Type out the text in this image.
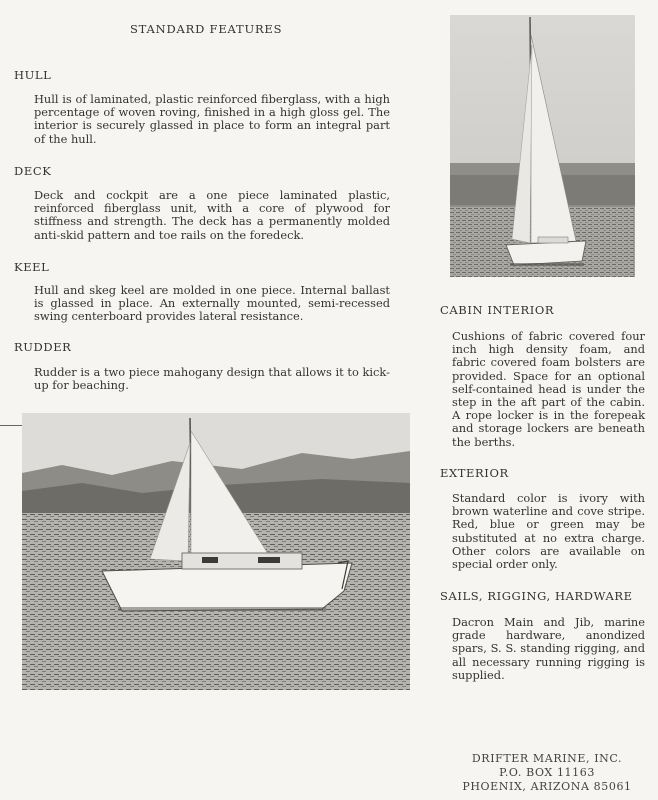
STANDARD FEATURES

HULL

Hull is of laminated, plastic reinforced fiberglass, with a high percentage of woven roving, finished in a high gloss gel. The interior is securely glassed in place to form an integral part of the hull.

DECK

Deck and cockpit are a one piece laminated plastic, reinforced fiberglass unit, with a core of plywood for stiffness and strength. The deck has a permanently molded anti-skid pattern and toe rails on the foredeck.

KEEL

Hull and skeg keel are molded in one piece. Internal ballast is glassed in place. An externally mounted, semi-recessed swing centerboard provides lateral resistance.

RUDDER

Rudder is a two piece mahogany design that allows it to kick-up for beaching.

CABIN INTERIOR

Cushions of fabric covered four inch high density foam, and fabric covered foam bolsters are provided. Space for an optional self-contained head is under the step in the aft part of the cabin. A rope locker is in the forepeak and storage lockers are beneath the berths.

EXTERIOR

Standard color is ivory with brown waterline and cove stripe. Red, blue or green may be substituted at no extra charge. Other colors are available on special order only.

SAILS, RIGGING, HARDWARE

Dacron Main and Jib, marine grade hardware, anondized spars, S. S. standing rigging, and all necessary running rigging is supplied.

DRIFTER MARINE, INC.
P.O. BOX 11163
PHOENIX, ARIZONA 85061
